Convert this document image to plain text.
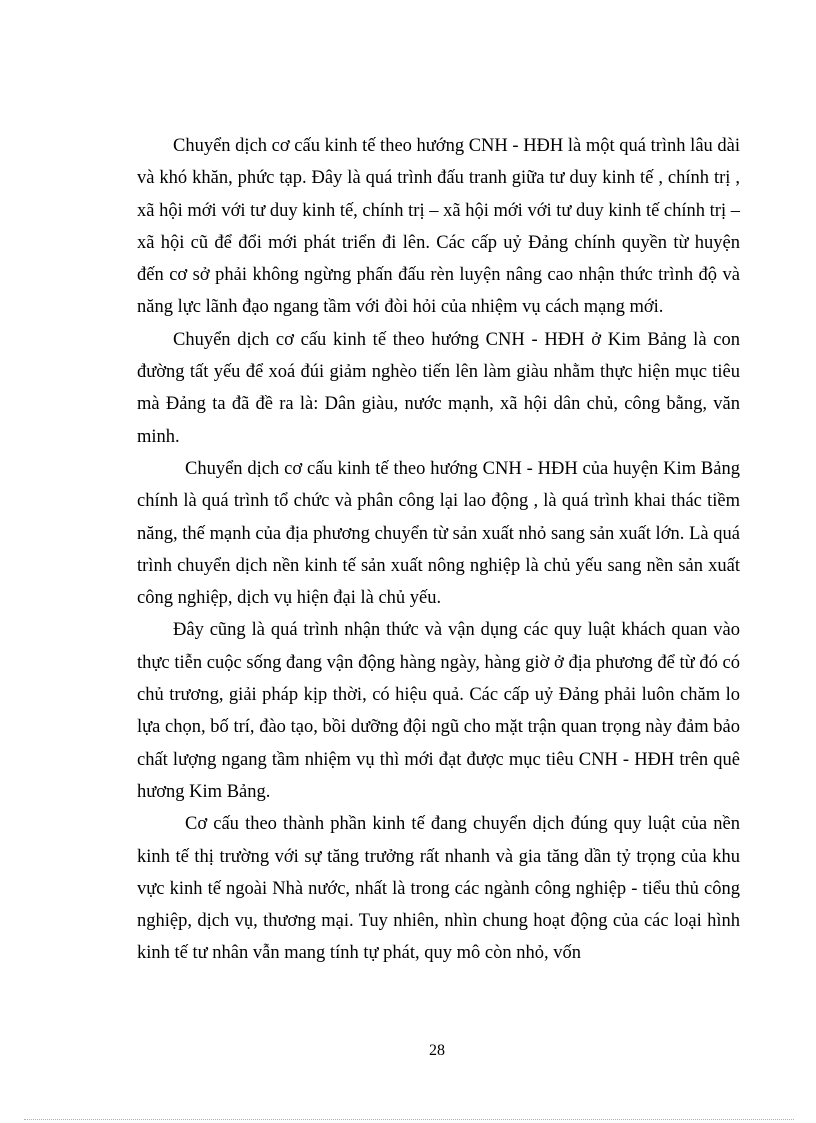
Chuyển dịch cơ cấu kinh tế theo hướng CNH - HĐH là một quá trình lâu dài và khó khăn, phức tạp. Đây là quá trình đấu tranh giữa tư duy kinh tế , chính trị , xã hội mới với tư duy kinh tế, chính trị – xã hội mới với tư duy kinh tế chính trị – xã hội cũ để đổi mới phát triển đi lên. Các cấp uỷ Đảng chính quyền từ huyện đến cơ sở phải không ngừng phấn đấu rèn luyện nâng cao nhận thức trình độ và năng lực lãnh đạo ngang tầm với đòi hỏi của nhiệm vụ cách mạng mới.

Chuyển dịch cơ cấu kinh tế theo hướng CNH - HĐH ở Kim Bảng là con đường tất yếu để xoá đúi giảm nghèo tiến lên làm giàu nhằm thực hiện mục tiêu mà Đảng ta đã đề ra là: Dân giàu, nước mạnh, xã hội dân chủ, công bằng, văn minh.

Chuyển dịch cơ cấu kinh tế theo hướng CNH - HĐH của huyện Kim Bảng chính là quá trình tổ chức và phân công lại lao động , là quá trình khai thác tiềm năng, thế mạnh của địa phương chuyển từ sản xuất nhỏ sang sản xuất lớn. Là quá trình chuyển dịch nền kinh tế sản xuất nông nghiệp là chủ yếu sang nền sản xuất công nghiệp, dịch vụ hiện đại là chủ yếu.

Đây cũng là quá trình nhận thức và vận dụng các quy luật khách quan vào thực tiễn cuộc sống đang vận động hàng ngày, hàng giờ ở địa phương để từ đó có chủ trương, giải pháp kịp thời, có hiệu quả. Các cấp uỷ Đảng phải luôn chăm lo lựa chọn, bố trí, đào tạo, bồi dưỡng đội ngũ cho mặt trận quan trọng này đảm bảo chất lượng ngang tầm nhiệm vụ thì mới đạt được mục tiêu CNH - HĐH trên quê hương Kim Bảng.

Cơ cấu theo thành phần kinh tế đang chuyển dịch đúng quy luật của nền kinh tế thị trường với sự tăng trưởng rất nhanh và gia tăng dần tỷ trọng của khu vực kinh tế ngoài Nhà nước, nhất là trong các ngành công nghiệp - tiểu thủ công nghiệp, dịch vụ, thương mại. Tuy nhiên, nhìn chung hoạt động của các loại hình kinh tế tư nhân vẫn mang tính tự phát, quy mô còn nhỏ, vốn

28
